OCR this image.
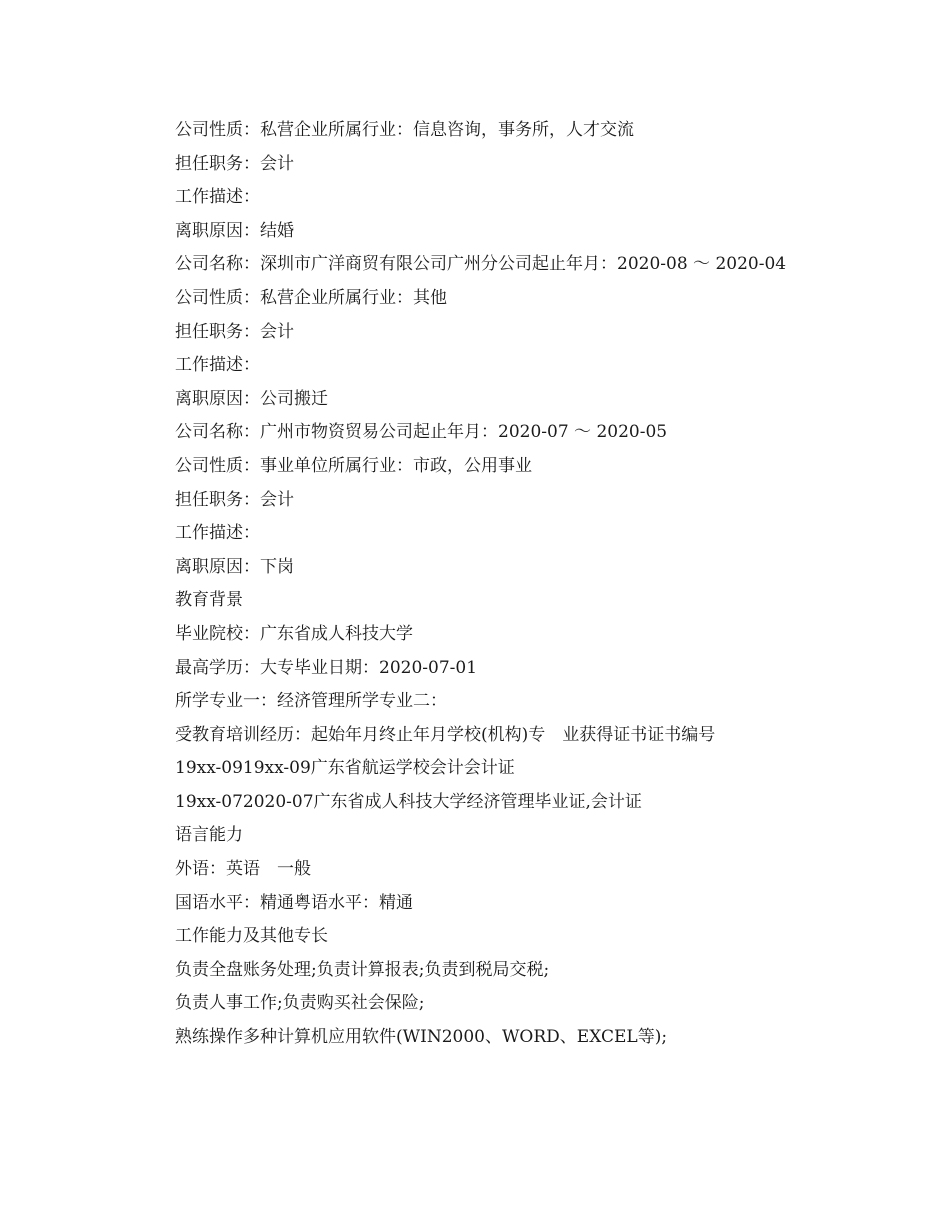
公司性质：私营企业所属行业：信息咨询，事务所，人才交流

担任职务：会计

工作描述：

离职原因：结婚

公司名称：深圳市广洋商贸有限公司广州分公司起止年月：2020-08 ～ 2020-04

公司性质：私营企业所属行业：其他

担任职务：会计

工作描述：

离职原因：公司搬迁

公司名称：广州市物资贸易公司起止年月：2020-07 ～ 2020-05

公司性质：事业单位所属行业：市政，公用事业

担任职务：会计

工作描述：

离职原因：下岗

教育背景

毕业院校：广东省成人科技大学

最高学历：大专毕业日期：2020-07-01

所学专业一：经济管理所学专业二：

受教育培训经历：起始年月终止年月学校(机构)专　业获得证书证书编号

19xx-0919xx-09广东省航运学校会计会计证

19xx-072020-07广东省成人科技大学经济管理毕业证,会计证

语言能力

外语：英语　一般

国语水平：精通粤语水平：精通

工作能力及其他专长

负责全盘账务处理;负责计算报表;负责到税局交税;

负责人事工作;负责购买社会保险;

熟练操作多种计算机应用软件(WIN2000、WORD、EXCEL等);
